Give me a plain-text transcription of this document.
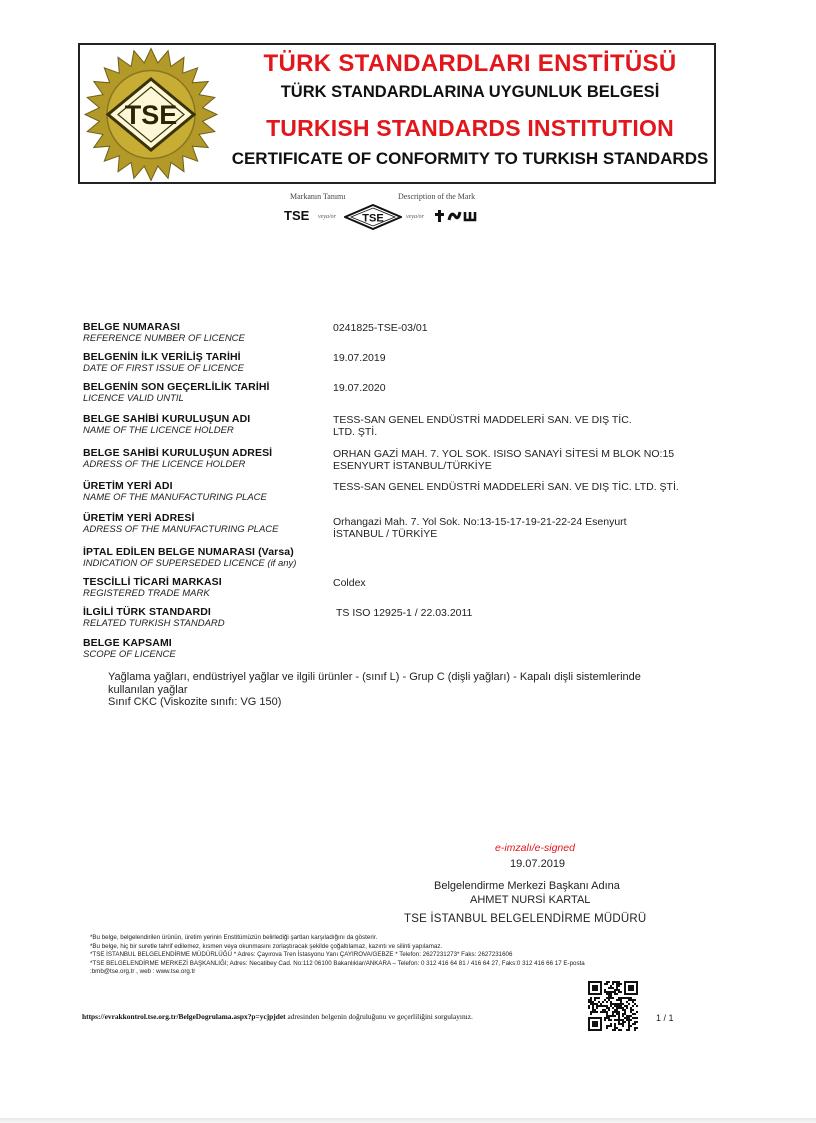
TSE
TÜRK STANDARDLARI ENSTİTÜSÜ
TÜRK STANDARDLARINA UYGUNLUK BELGESİ
TURKISH STANDARDS INSTITUTION
CERTIFICATE OF CONFORMITY TO TURKISH STANDARDS
Markanın Tanımı	Description of the Mark
TSE veya/or TSE	veya/or
BELGE NUMARASI
REFERENCE NUMBER OF LICENCE
0241825-TSE-03/01
BELGENİN İLK VERİLİŞ TARİHİ
DATE OF FIRST ISSUE OF LICENCE
19.07.2019
BELGENİN SON GEÇERLİLİK TARİHİ
LICENCE VALID UNTIL
19.07.2020
BELGE SAHİBİ KURULUŞUN ADI
NAME OF THE LICENCE HOLDER
TESS-SAN GENEL ENDÜSTRİ MADDELERİ SAN. VE DIŞ TİC. LTD. ŞTİ.
BELGE SAHİBİ KURULUŞUN ADRESİ
ADRESS OF THE LICENCE HOLDER
ORHAN GAZİ MAH. 7. YOL SOK. ISISO SANAYİ SİTESİ M BLOK NO:15 ESENYURT İSTANBUL/TÜRKİYE
ÜRETİM YERİ ADI
NAME OF THE MANUFACTURING PLACE
TESS-SAN GENEL ENDÜSTRİ MADDELERİ SAN. VE DIŞ TİC. LTD. ŞTİ.
ÜRETİM YERİ ADRESİ
ADRESS OF THE MANUFACTURING PLACE
Orhangazi Mah. 7. Yol Sok. No:13-15-17-19-21-22-24 Esenyurt İSTANBUL / TÜRKİYE
İPTAL EDİLEN BELGE NUMARASI (Varsa)
INDICATION OF SUPERSEDED LICENCE (if any)
TESCİLLİ TİCARİ MARKASI
REGISTERED TRADE MARK
Coldex
İLGİLİ TÜRK STANDARDI
RELATED TURKISH STANDARD
TS ISO 12925-1 / 22.03.2011
BELGE KAPSAMI
SCOPE OF LICENCE
Yağlama yağları, endüstriyel yağlar ve ilgili ürünler - (sınıf L) - Grup C (dişli yağları) - Kapalı dişli sistemlerinde kullanılan yağlar
Sınıf CKC (Viskozite sınıfı: VG 150)
e-imzalı/e-signed
19.07.2019
Belgelendirme Merkezi Başkanı Adına
AHMET NURSİ KARTAL
TSE İSTANBUL BELGELENDİRME MÜDÜRÜ
*Bu belge, belgelendirilen ürünün, üretim yerinin Enstitümüzün belirlediği şartları karşıladığını da gösterir.
*Bu belge, hiç bir suretle tahrif edilemez, kısmen veya okunmasını zorlaştıracak şekilde çoğaltılamaz, kazıntı ve silinti yapılamaz.
*TSE İSTANBUL BELGELENDİRME MÜDÜRLÜĞÜ * Adres: Çayırova Tren İstasyonu Yanı ÇAYIROVA/GEBZE * Telefon: 2627231273* Faks: 2627231606
*TSE BELGELENDİRME MERKEZİ BAŞKANLIĞI; Adres: Necatibey Cad. No:112 06100 Bakanlıklar/ANKARA – Telefon: 0 312 416 64 81 / 416 64 27, Faks:0 312 416 66 17 E-posta
:bmb@tse.org.tr , web : www.tse.org.tr
https://evrakkontrol.tse.org.tr/BelgeDogrulama.aspx?p=ycjpjdet adresinden belgenin doğruluğunu ve geçerliliğini sorgulayınız.	1 / 1
